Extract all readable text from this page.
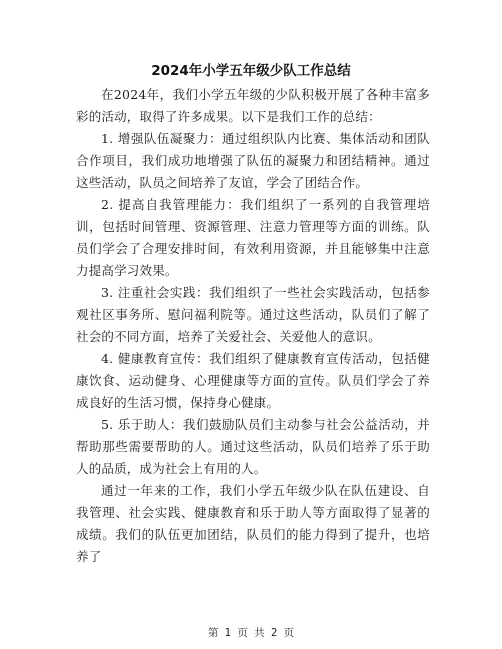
2024年小学五年级少队工作总结

在2024年，我们小学五年级的少队积极开展了各种丰富多彩的活动，取得了许多成果。以下是我们工作的总结：

1. 增强队伍凝聚力：通过组织队内比赛、集体活动和团队合作项目，我们成功地增强了队伍的凝聚力和团结精神。通过这些活动，队员之间培养了友谊，学会了团结合作。

2. 提高自我管理能力：我们组织了一系列的自我管理培训，包括时间管理、资源管理、注意力管理等方面的训练。队员们学会了合理安排时间，有效利用资源，并且能够集中注意力提高学习效果。

3. 注重社会实践：我们组织了一些社会实践活动，包括参观社区事务所、慰问福利院等。通过这些活动，队员们了解了社会的不同方面，培养了关爱社会、关爱他人的意识。

4. 健康教育宣传：我们组织了健康教育宣传活动，包括健康饮食、运动健身、心理健康等方面的宣传。队员们学会了养成良好的生活习惯，保持身心健康。

5. 乐于助人：我们鼓励队员们主动参与社会公益活动，并帮助那些需要帮助的人。通过这些活动，队员们培养了乐于助人的品质，成为社会上有用的人。

通过一年来的工作，我们小学五年级少队在队伍建设、自我管理、社会实践、健康教育和乐于助人等方面取得了显著的成绩。我们的队伍更加团结，队员们的能力得到了提升，也培养了

第 1 页 共 2 页
